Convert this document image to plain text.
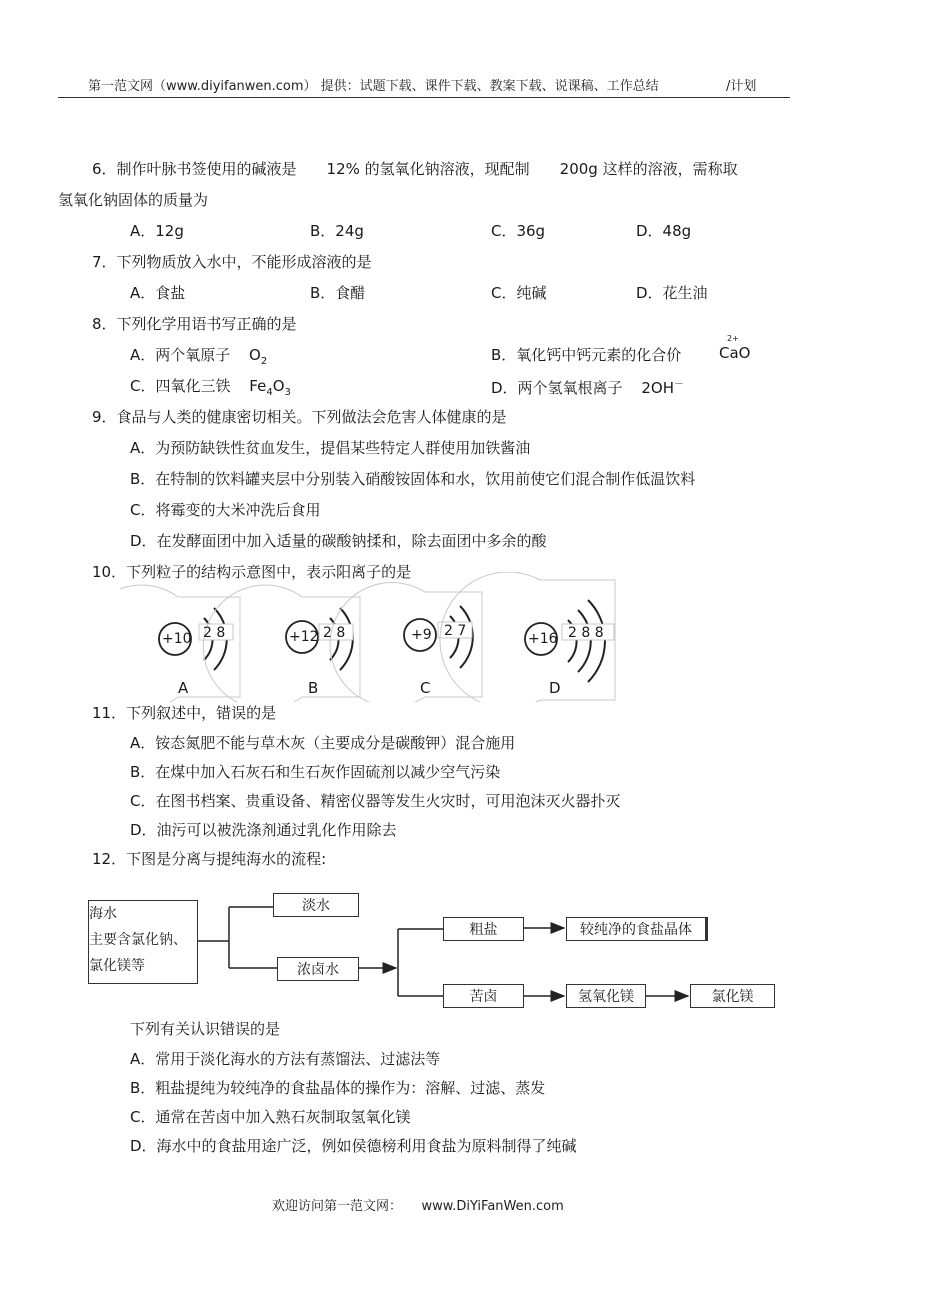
第一范文网（www.diyifanwen.com） 提供：试题下载、课件下载、教案下载、说课稿、工作总结	/计划
6．制作叶脉书签使用的碱液是　　12% 的氢氧化钠溶液，现配制　　200g 这样的溶液，需称取
氢氧化钠固体的质量为
A．12g	B．24g	C．36g	D．48g
7．下列物质放入水中，不能形成溶液的是
A．食盐	B．食醋	C．纯碱	D．花生油
8．下列化学用语书写正确的是
A．两个氧原子 $O_2$	B．氧化钙中钙元素的化合价
2+
CaO
C．四氧化三铁 $Fe_4O_3$	D．两个氢氧根离子 2OH－
9．食品与人类的健康密切相关。下列做法会危害人体健康的是
A．为预防缺铁性贫血发生，提倡某些特定人群使用加铁酱油
B．在特制的饮料罐夹层中分别装入硝酸铵固体和水，饮用前使它们混合制作低温饮料
C．将霉变的大米冲洗后食用
D．在发酵面团中加入适量的碳酸钠揉和，除去面团中多余的酸
10．下列粒子的结构示意图中，表示阳离子的是
+10 2 8
A
+12 2 8
B
+9 2 7
C
+16 2 8 8
D
11．下列叙述中，错误的是
A．铵态氮肥不能与草木灰（主要成分是碳酸钾）混合施用
B．在煤中加入石灰石和生石灰作固硫剂以减少空气污染
C．在图书档案、贵重设备、精密仪器等发生火灾时，可用泡沫灭火器扑灭
D．油污可以被洗涤剂通过乳化作用除去
12．下图是分离与提纯海水的流程:
海水
主要含氯化钠、
氯化镁等
淡水
浓卤水
粗盐	较纯净的食盐晶体
苦卤	氢氧化镁	氯化镁
下列有关认识错误的是
A．常用于淡化海水的方法有蒸馏法、过滤法等
B．粗盐提纯为较纯净的食盐晶体的操作为：溶解、过滤、蒸发
C．通常在苦卤中加入熟石灰制取氢氧化镁
D．海水中的食盐用途广泛，例如侯德榜利用食盐为原料制得了纯碱
欢迎访问第一范文网：　　www.DiYiFanWen.com
